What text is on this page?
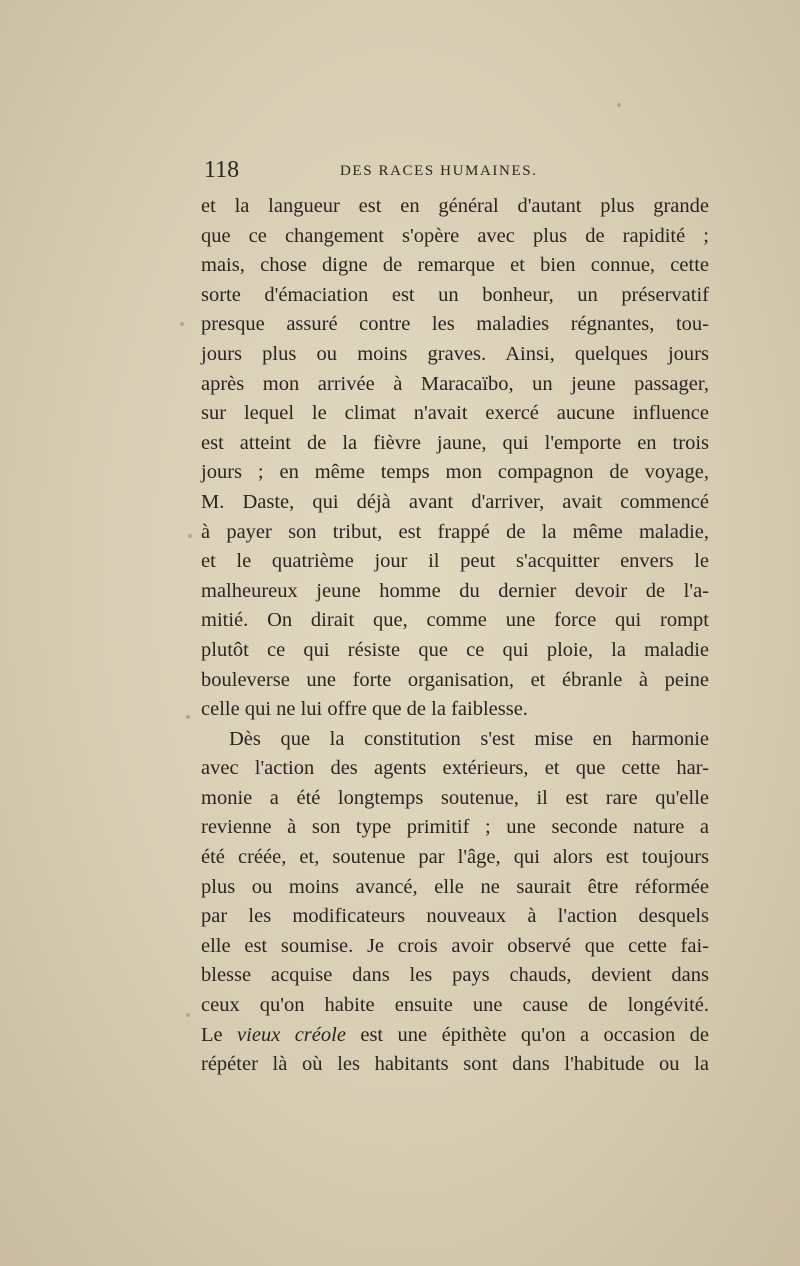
118	DES RACES HUMAINES.
et la langueur est en général d'autant plus grande
que ce changement s'opère avec plus de rapidité ;
mais, chose digne de remarque et bien connue, cette
sorte d'émaciation est un bonheur, un préservatif
presque assuré contre les maladies régnantes, tou-
jours plus ou moins graves. Ainsi, quelques jours
après mon arrivée à Maracaïbo, un jeune passager,
sur lequel le climat n'avait exercé aucune influence
est atteint de la fièvre jaune, qui l'emporte en trois
jours ; en même temps mon compagnon de voyage,
M. Daste, qui déjà avant d'arriver, avait commencé
à payer son tribut, est frappé de la même maladie,
et le quatrième jour il peut s'acquitter envers le
malheureux jeune homme du dernier devoir de l'a-
mitié. On dirait que, comme une force qui rompt
plutôt ce qui résiste que ce qui ploie, la maladie
bouleverse une forte organisation, et ébranle à peine
celle qui ne lui offre que de la faiblesse.
Dès que la constitution s'est mise en harmonie
avec l'action des agents extérieurs, et que cette har-
monie a été longtemps soutenue, il est rare qu'elle
revienne à son type primitif ; une seconde nature a
été créée, et, soutenue par l'âge, qui alors est toujours
plus ou moins avancé, elle ne saurait être réformée
par les modificateurs nouveaux à l'action desquels
elle est soumise. Je crois avoir observé que cette fai-
blesse acquise dans les pays chauds, devient dans
ceux qu'on habite ensuite une cause de longévité.
Le vieux créole est une épithète qu'on a occasion de
répéter là où les habitants sont dans l'habitude ou la
